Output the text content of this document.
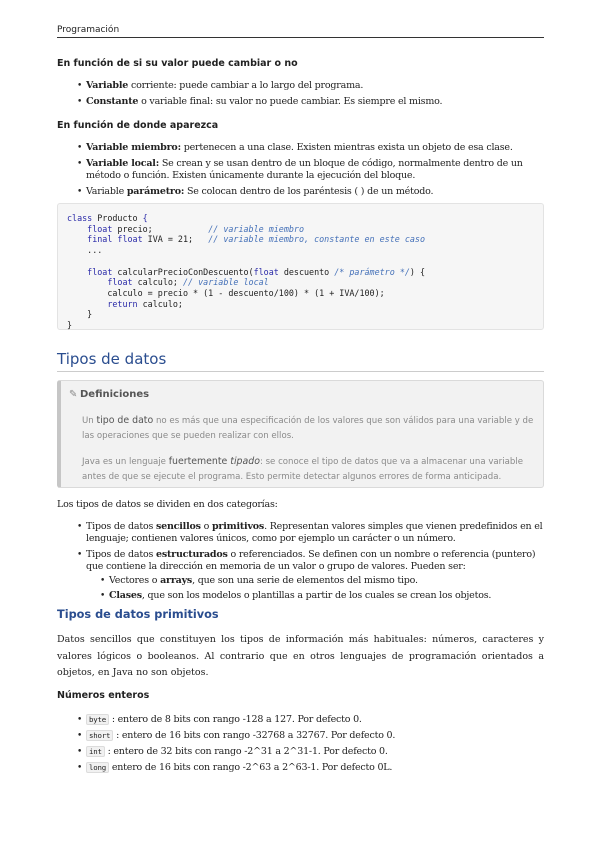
Programación
En función de si su valor puede cambiar o no
• Variable corriente: puede cambiar a lo largo del programa.
• Constante o variable final: su valor no puede cambiar. Es siempre el mismo.
En función de donde aparezca
• Variable miembro: pertenecen a una clase. Existen mientras exista un objeto de esa clase.
• Variable local: Se crean y se usan dentro de un bloque de código, normalmente dentro de un método o función. Existen únicamente durante la ejecución del bloque.
• Variable parámetro: Se colocan dentro de los paréntesis ( ) de un método.
class Producto {
float precio;           // variable miembro
final float IVA = 21;   // variable miembro, constante en este caso
...

float calcularPrecioConDescuento(float descuento /* parámetro */) {
float calculo; // variable local
calculo = precio * (1 - descuento/100) * (1 + IVA/100);
return calculo;
}
}
Tipos de datos
✎ Definiciones

Un tipo de dato no es más que una especificación de los valores que son válidos para una variable y de las operaciones que se pueden realizar con ellos.

Java es un lenguaje fuertemente tipado: se conoce el tipo de datos que va a almacenar una variable antes de que se ejecute el programa. Esto permite detectar algunos errores de forma anticipada.

Los tipos de datos se dividen en dos categorías:
• Tipos de datos sencillos o primitivos. Representan valores simples que vienen predefinidos en el lenguaje; contienen valores únicos, como por ejemplo un carácter o un número.
• Tipos de datos estructurados o referenciados. Se definen con un nombre o referencia (puntero) que contiene la dirección en memoria de un valor o grupo de valores. Pueden ser:
• Vectores o arrays, que son una serie de elementos del mismo tipo.
• Clases, que son los modelos o plantillas a partir de los cuales se crean los objetos.
Tipos de datos primitivos
Datos sencillos que constituyen los tipos de información más habituales: números, caracteres y valores lógicos o booleanos. Al contrario que en otros lenguajes de programación orientados a objetos, en Java no son objetos.
Números enteros
• byte : entero de 8 bits con rango -128 a 127. Por defecto 0.
• short : entero de 16 bits con rango -32768 a 32767. Por defecto 0.
• int : entero de 32 bits con rango -2^31 a 2^31-1. Por defecto 0.
• long entero de 16 bits con rango -2^63 a 2^63-1. Por defecto 0L.
